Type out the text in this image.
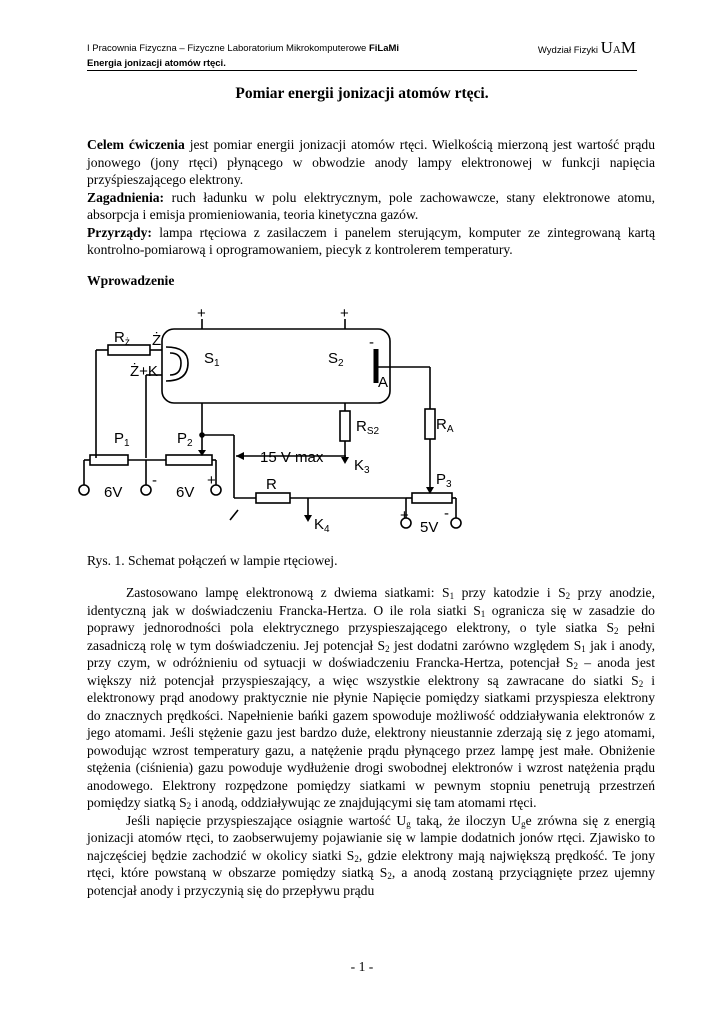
I Pracownia Fizyczna – Fizyczne Laboratorium Mikrokomputerowe FiLaMi
Energia jonizacji atomów rtęci.
Wydział Fizyki UAM
Pomiar energii jonizacji atomów rtęci.

Celem ćwiczenia jest pomiar energii jonizacji atomów rtęci. Wielkością mierzoną jest wartość prądu jonowego (jony rtęci) płynącego w obwodzie anody lampy elektronowej w funkcji napięcia przyśpieszającego elektrony.

Zagadnienia: ruch ładunku w polu elektrycznym, pole zachowawcze, stany elektronowe atomu, absorpcja i emisja promieniowania, teoria kinetyczna gazów.

Przyrządy: lampa rtęciowa z zasilaczem i panelem sterującym, komputer ze zintegrowaną kartą kontrolno-pomiarową i oprogramowaniem, piecyk z kontrolerem temperatury.

Wprowadzenie
$R_ż$ Ż
Ż+K
+	+
$S_1$	$S_2$
-
A
$R_{S2}$	$R_A$
$P_1$	$P_2$
$P_3$
15 V $\max K_3$
$K_4$
R
6V
-
6V
+
+
5V
-
Rys. 1. Schemat połączeń w lampie rtęciowej.

Zastosowano lampę elektronową z dwiema siatkami: $S_1$ przy katodzie i $S_2$ przy anodzie, identyczną jak w doświadczeniu Francka-Hertza. O ile rola siatki $S_1$ ogranicza się w zasadzie do poprawy jednorodności pola elektrycznego przyspieszającego elektrony, o tyle siatka $S_2$ pełni zasadniczą rolę w tym doświadczeniu. Jej potencjał $S_2$ jest dodatni zarówno względem $S_1$ jak i anody, przy czym, w odróżnieniu od sytuacji w doświadczeniu Francka-Hertza, potencjał $S_2$ – anoda jest większy niż potencjał przyspieszający, a więc wszystkie elektrony są zawracane do siatki $S_2$ i elektronowy prąd anodowy praktycznie nie płynie Napięcie pomiędzy siatkami przyspiesza elektrony do znacznych prędkości. Napełnienie bańki gazem spowoduje możliwość oddziaływania elektronów z jego atomami. Jeśli stężenie gazu jest bardzo duże, elektrony nieustannie zderzają się z jego atomami, powodując wzrost temperatury gazu, a natężenie prądu płynącego przez lampę jest małe. Obniżenie stężenia (ciśnienia) gazu powoduje wydłużenie drogi swobodnej elektronów i wzrost natężenia prądu anodowego. Elektrony rozpędzone pomiędzy siatkami w pewnym stopniu penetrują przestrzeń pomiędzy siatką $S_2$ i anodą, oddziaływując ze znajdującymi się tam atomami rtęci.

Jeśli napięcie przyspieszające osiągnie wartość $U_g$ taką, że iloczyn $U_ge$ zrówna się z energią jonizacji atomów rtęci, to zaobserwujemy pojawianie się w lampie dodatnich jonów rtęci. Zjawisko to najczęściej będzie zachodzić w okolicy siatki $S_2$, gdzie elektrony mają największą prędkość. Te jony rtęci, które powstaną w obszarze pomiędzy siatką $S_2$, a anodą zostaną przyciągnięte przez ujemny potencjał anody i przyczynią się do przepływu prądu

- 1 -
